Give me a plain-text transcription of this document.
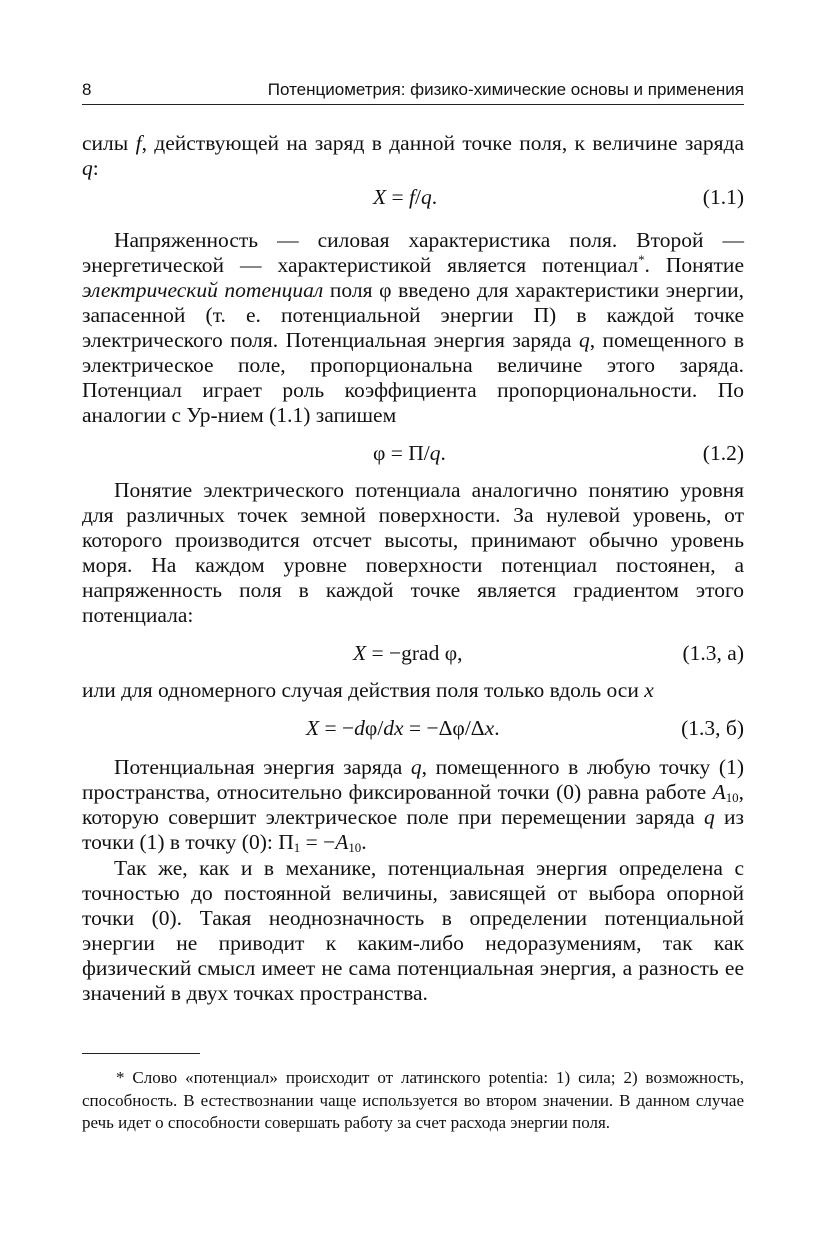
8	Потенциометрия: физико-химические основы и применения

силы f, действующей на заряд в данной точке поля, к величине заряда q:

X = f/q.	(1.1)

Напряженность — силовая характеристика поля. Второй — энергетической — характеристикой является потенциал*. Понятие электрический потенциал поля φ введено для характеристики энергии, запасенной (т. е. потенциальной энергии П) в каждой точке электрического поля. Потенциальная энергия заряда q, помещенного в электрическое поле, пропорциональна величине этого заряда. Потенциал играет роль коэффициента пропорциональности. По аналогии с Ур-нием (1.1) запишем

φ = П/q.	(1.2)

Понятие электрического потенциала аналогично понятию уровня для различных точек земной поверхности. За нулевой уровень, от которого производится отсчет высоты, принимают обычно уровень моря. На каждом уровне поверхности потенциал постоянен, а напряженность поля в каждой точке является градиентом этого потенциала:

X = −grad φ,	(1.3, а)

или для одномерного случая действия поля только вдоль оси x

X = −dφ/dx = −Δφ/Δx.	(1.3, б)

Потенциальная энергия заряда q, помещенного в любую точку (1) пространства, относительно фиксированной точки (0) равна работе $A_{10}$, которую совершит электрическое поле при перемещении заряда q из точки (1) в точку (0): $П_1 = -A_{10}$.

Так же, как и в механике, потенциальная энергия определена с точностью до постоянной величины, зависящей от выбора опорной точки (0). Такая неоднозначность в определении потенциальной энергии не приводит к каким-либо недоразумениям, так как физический смысл имеет не сама потенциальная энергия, а разность ее значений в двух точках пространства.

* Слово «потенциал» происходит от латинского potentia: 1) сила; 2) возможность, способность. В естествознании чаще используется во втором значении. В данном случае речь идет о способности совершать работу за счет расхода энергии поля.
